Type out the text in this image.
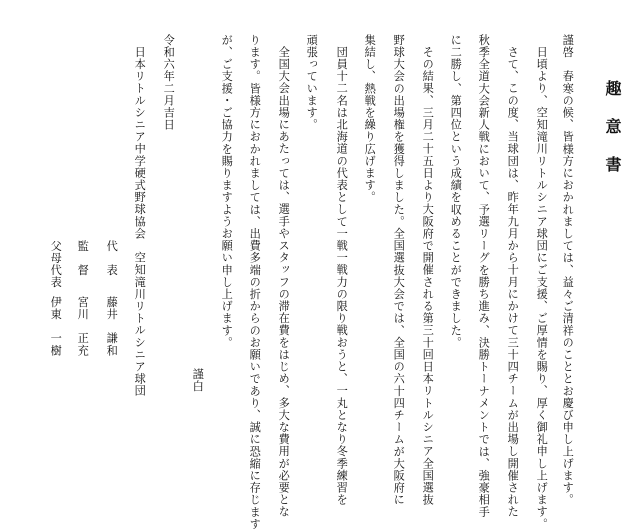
趣意書
謹啓　春寒の候、皆様方におかれましては、益々ご清祥のこととお慶び申し上げます。
日頃より、空知滝川リトルシニア球団にご支援、ご厚情を賜り、厚く御礼申し上げます。
さて、この度、当球団は、昨年九月から十月にかけて三十四チームが出場し開催された
秋季全道大会新人戦において、予選リーグを勝ち進み、決勝トーナメントでは、強豪相手
に二勝し、第四位という成績を収めることができました。
その結果、三月二十五日より大阪府で開催される第三十回日本リトルシニア全国選抜
野球大会の出場権を獲得しました。全国選抜大会では、全国の六十四チームが大阪府に
集結し、熱戦を繰り広げます。
団員十二名は北海道の代表として一戦一戦力の限り戦おうと、一丸となり冬季練習を
頑張っています。
全国大会出場にあたっては、選手やスタッフの滞在費をはじめ、多大な費用が必要とな
ります。皆様方におかれましては、出費多端の折からのお願いであり、誠に恐縮に存じます
が、ご支援・ご協力を賜りますようお願い申し上げます。
謹白
令和六年二月吉日
日本リトルシニア中学硬式野球協会　空知滝川リトルシニア球団
代　表
藤井　謙和
監　督
宮川　正充
父母代表
伊東　一樹
